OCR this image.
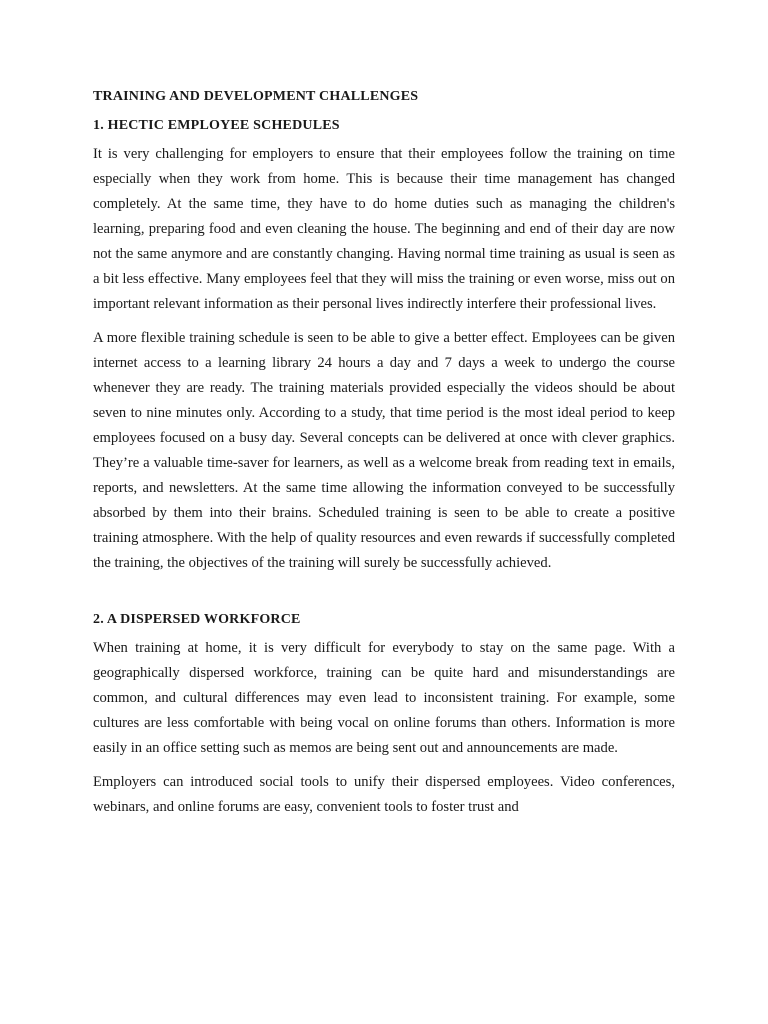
TRAINING AND DEVELOPMENT CHALLENGES
1. HECTIC EMPLOYEE SCHEDULES

It is very challenging for employers to ensure that their employees follow the training on time especially when they work from home. This is because their time management has changed completely. At the same time, they have to do home duties such as managing the children's learning, preparing food and even cleaning the house. The beginning and end of their day are now not the same anymore and are constantly changing. Having normal time training as usual is seen as a bit less effective. Many employees feel that they will miss the training or even worse, miss out on important relevant information as their personal lives indirectly interfere their professional lives.

A more flexible training schedule is seen to be able to give a better effect. Employees can be given internet access to a learning library 24 hours a day and 7 days a week to undergo the course whenever they are ready. The training materials provided especially the videos should be about seven to nine minutes only. According to a study, that time period is the most ideal period to keep employees focused on a busy day. Several concepts can be delivered at once with clever graphics. They’re a valuable time-saver for learners, as well as a welcome break from reading text in emails, reports, and newsletters. At the same time allowing the information conveyed to be successfully absorbed by them into their brains. Scheduled training is seen to be able to create a positive training atmosphere. With the help of quality resources and even rewards if successfully completed the training, the objectives of the training will surely be successfully achieved.

2. A DISPERSED WORKFORCE

When training at home, it is very difficult for everybody to stay on the same page. With a geographically dispersed workforce, training can be quite hard and misunderstandings are common, and cultural differences may even lead to inconsistent training. For example, some cultures are less comfortable with being vocal on online forums than others. Information is more easily in an office setting such as memos are being sent out and announcements are made.

Employers can introduced social tools to unify their dispersed employees. Video conferences, webinars, and online forums are easy, convenient tools to foster trust and
